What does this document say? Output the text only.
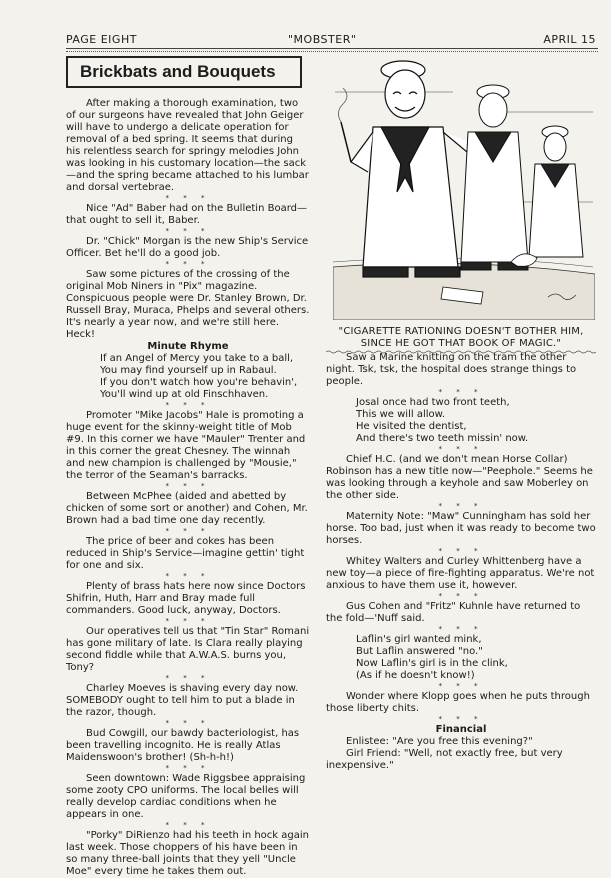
PAGE EIGHT	"MOBSTER"	APRIL 15
Brickbats and Bouquets

After making a thorough examination, two of our surgeons have revealed that John Geiger will have to undergo a delicate operation for removal of a bed spring. It seems that during his relentless search for springy melodies John was looking in his customary location—the sack—and the spring became attached to his lumbar and dorsal vertebrae.

* * *

Nice "Ad" Baber had on the Bulletin Board—that ought to sell it, Baber.

* * *

Dr. "Chick" Morgan is the new Ship's Service Officer. Bet he'll do a good job.

* * *

Saw some pictures of the crossing of the original Mob Niners in "Pix" magazine. Conspicuous people were Dr. Stanley Brown, Dr. Russell Bray, Muraca, Phelps and several others. It's nearly a year now, and we're still here. Heck!

Minute Rhyme

If an Angel of Mercy you take to a ball,

You may find yourself up in Rabaul.

If you don't watch how you're behavin',

You'll wind up at old Finschhaven.

* * *

Promoter "Mike Jacobs" Hale is promoting a huge event for the skinny-weight title of Mob #9. In this corner we have "Mauler" Trenter and in this corner the great Chesney. The winnah and new champion is challenged by "Mousie," the terror of the Seaman's barracks.

* * *

Between McPhee (aided and abetted by chicken of some sort or another) and Cohen, Mr. Brown had a bad time one day recently.

* * *

The price of beer and cokes has been reduced in Ship's Service—imagine gettin' tight for one and six.

* * *

Plenty of brass hats here now since Doctors Shifrin, Huth, Harr and Bray made full commanders. Good luck, anyway, Doctors.

* * *

Our operatives tell us that "Tin Star" Romani has gone military of late. Is Clara really playing second fiddle while that A.W.A.S. burns you, Tony?

* * *

Charley Moeves is shaving every day now. SOMEBODY ought to tell him to put a blade in the razor, though.

* * *

Bud Cowgill, our bawdy bacteriologist, has been travelling incognito. He is really Atlas Maidenswoon's brother! (Sh-h-h!)

* * *

Seen downtown: Wade Riggsbee appraising some zooty CPO uniforms. The local belles will really develop cardiac conditions when he appears in one.

* * *

"Porky" DiRienzo had his teeth in hock again last week. Those choppers of his have been in so many three-ball joints that they yell "Uncle Moe" every time he takes them out.

"CIGARETTE RATIONING DOESN'T BOTHER HIM, SINCE HE GOT THAT BOOK OF MAGIC."

Saw a Marine knitting on the tram the other night. Tsk, tsk, the hospital does strange things to people.

* * *

Josal once had two front teeth,

This we will allow.

He visited the dentist,

And there's two teeth missin' now.

* * *

Chief H.C. (and we don't mean Horse Collar) Robinson has a new title now—"Peephole." Seems he was looking through a keyhole and saw Moberley on the other side.

* * *

Maternity Note: "Maw" Cunningham has sold her horse. Too bad, just when it was ready to become two horses.

* * *

Whitey Walters and Curley Whittenberg have a new toy—a piece of fire-fighting apparatus. We're not anxious to have them use it, however.

* * *

Gus Cohen and "Fritz" Kuhnle have returned to the fold—'Nuff said.

* * *

Laflin's girl wanted mink,

But Laflin answered "no."

Now Laflin's girl is in the clink,

(As if he doesn't know!)

* * *

Wonder where Klopp goes when he puts through those liberty chits.

* * *

Financial

Enlistee: "Are you free this evening?"

Girl Friend: "Well, not exactly free, but very inexpensive."
